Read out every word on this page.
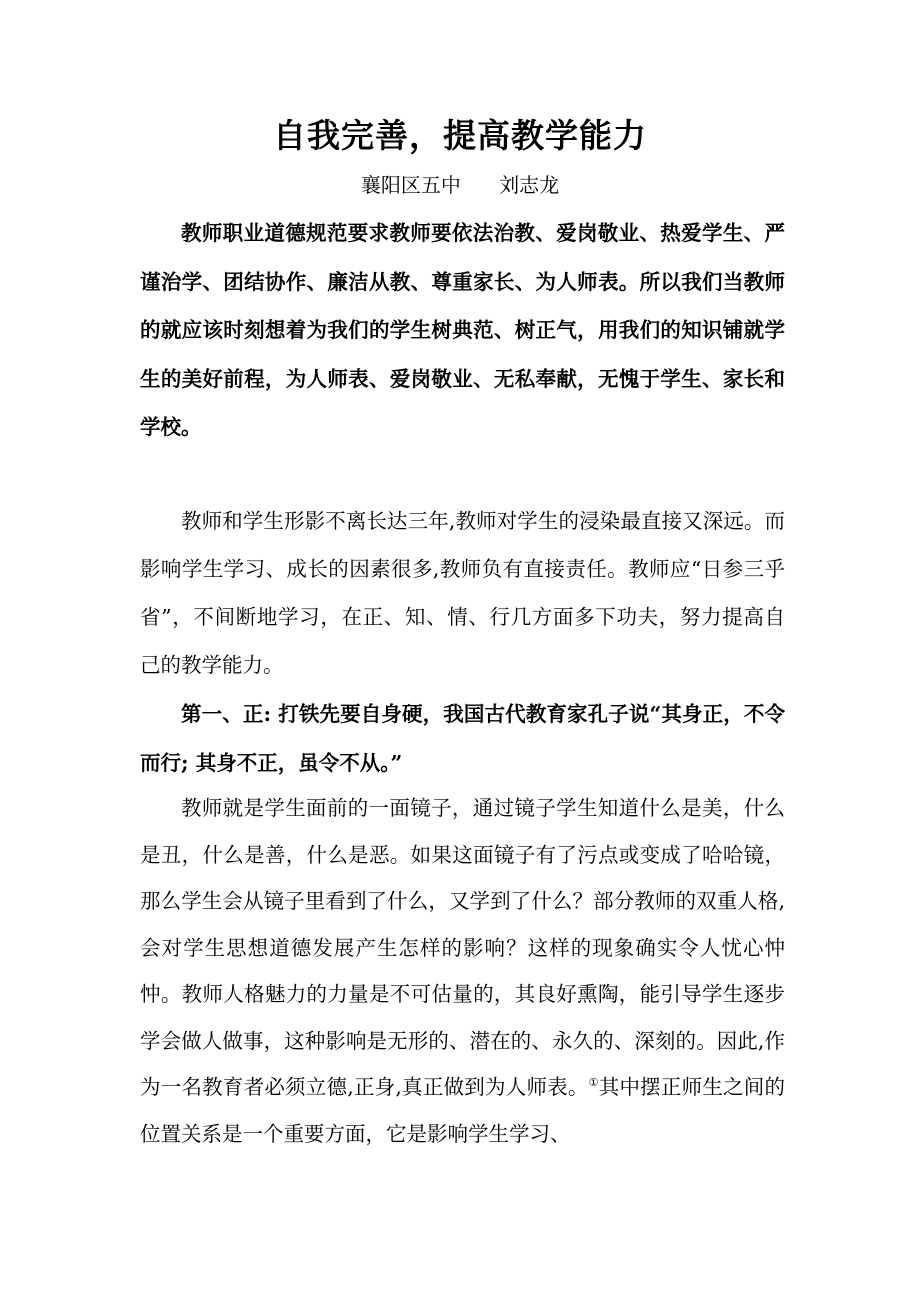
自我完善，提高教学能力
襄阳区五中      刘志龙

教师职业道德规范要求教师要依法治教、爱岗敬业、热爱学生、严谨治学、团结协作、廉洁从教、尊重家长、为人师表。所以我们当教师的就应该时刻想着为我们的学生树典范、树正气，用我们的知识铺就学生的美好前程，为人师表、爱岗敬业、无私奉献，无愧于学生、家长和学校。

教师和学生形影不离长达三年,教师对学生的浸染最直接又深远。而影响学生学习、成长的因素很多,教师负有直接责任。教师应“日参三乎省”，不间断地学习，在正、知、情、行几方面多下功夫，努力提高自己的教学能力。

第一、正: 打铁先要自身硬，我国古代教育家孔子说“其身正，不令而行; 其身不正，虽令不从。”

教师就是学生面前的一面镜子，通过镜子学生知道什么是美，什么是丑，什么是善，什么是恶。如果这面镜子有了污点或变成了哈哈镜，那么学生会从镜子里看到了什么，又学到了什么？部分教师的双重人格,会对学生思想道德发展产生怎样的影响？这样的现象确实令人忧心忡忡。教师人格魅力的力量是不可估量的，其良好熏陶，能引导学生逐步学会做人做事，这种影响是无形的、潜在的、永久的、深刻的。因此,作为一名教育者必须立德,正身,真正做到为人师表。①其中摆正师生之间的位置关系是一个重要方面，它是影响学生学习、
